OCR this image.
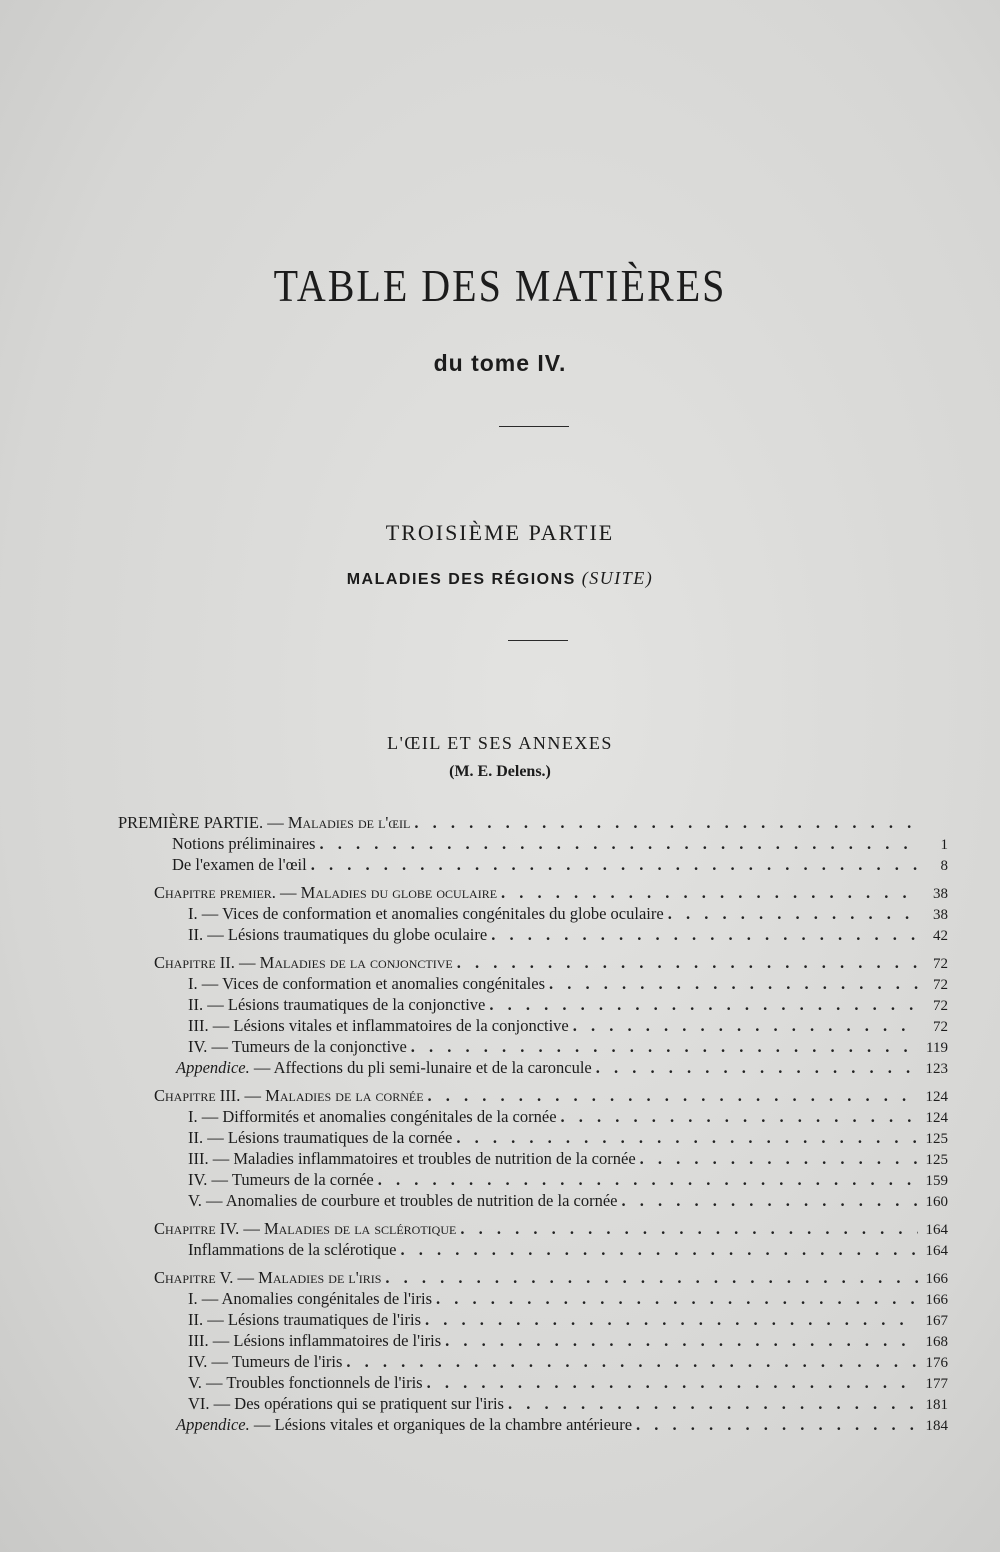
TABLE DES MATIÈRES
du tome IV.
TROISIÈME PARTIE
MALADIES DES RÉGIONS (SUITE)
L'ŒIL ET SES ANNEXES
(M. E. Delens.)
PREMIÈRE PARTIE. — Maladies de l'œil
. . .
Notions préliminaires . . .	1
De l'examen de l'œil . . .	8
Chapitre premier. — Maladies du globe oculaire . . .	38
I. — Vices de conformation et anomalies congénitales du globe oculaire . . .	38
II. — Lésions traumatiques du globe oculaire . . .	42
Chapitre II. — Maladies de la conjonctive . . .	72
I. — Vices de conformation et anomalies congénitales . . .	72
II. — Lésions traumatiques de la conjonctive . . .	72
III. — Lésions vitales et inflammatoires de la conjonctive . . .	72
IV. — Tumeurs de la conjonctive . . .	119
Appendice. — Affections du pli semi-lunaire et de la caroncule . . .	123
Chapitre III. — Maladies de la cornée . . .	124
I. — Difformités et anomalies congénitales de la cornée . . .	124
II. — Lésions traumatiques de la cornée . . .	125
III. — Maladies inflammatoires et troubles de nutrition de la cornée . . .	125
IV. — Tumeurs de la cornée . . .	159
V. — Anomalies de courbure et troubles de nutrition de la cornée . . .	160
Chapitre IV. — Maladies de la sclérotique . . .	164
Inflammations de la sclérotique . . .	164
Chapitre V. — Maladies de l'iris . . .	166
I. — Anomalies congénitales de l'iris . . .	166
II. — Lésions traumatiques de l'iris . . .	167
III. — Lésions inflammatoires de l'iris . . .	168
IV. — Tumeurs de l'iris . . .	176
V. — Troubles fonctionnels de l'iris . . .	177
VI. — Des opérations qui se pratiquent sur l'iris . . .	181
Appendice. — Lésions vitales et organiques de la chambre antérieure . . .	184
